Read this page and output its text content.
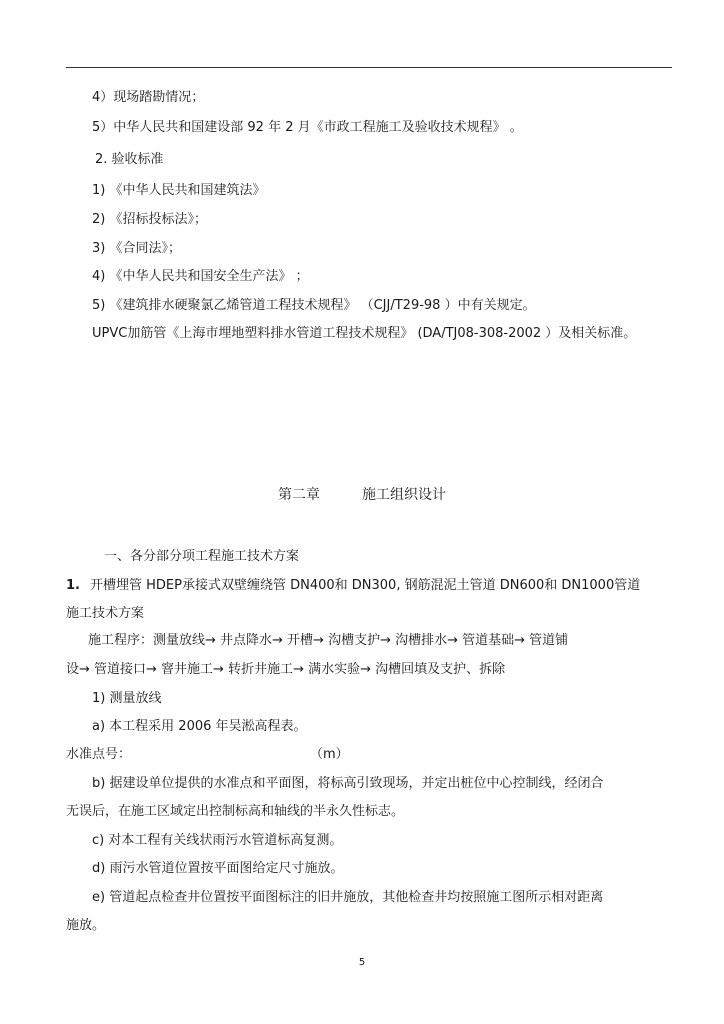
4）现场踏勘情况；
5）中华人民共和国建设部 92 年 2 月《市政工程施工及验收技术规程》 。
2. 验收标准
1) 《中华人民共和国建筑法》
2) 《招标投标法》；
3) 《合同法》；
4) 《中华人民共和国安全生产法》 ；
5) 《建筑排水硬聚氯乙烯管道工程技术规程》 （CJJ/T29-98 ）中有关规定。
UPVC加筋管《上海市埋地塑料排水管道工程技术规程》 (DA/TJ08-308-2002 ）及相关标准。
第二章	施工组织设计
一、各分部分项工程施工技术方案
1. 开槽埋管 HDEP承接式双壁缠绕管 DN400和 DN300, 钢筋混泥土管道 DN600和 DN1000管道
施工技术方案
施工程序：测量放线→ 井点降水→ 开槽→ 沟槽支护→ 沟槽排水→ 管道基础→ 管道铺
设→ 管道接口→ 窨井施工→ 转折井施工→ 满水实验→ 沟槽回填及支护、拆除
1) 测量放线
a) 本工程采用 2006 年吴淞高程表。
水准点号：	（m）
b) 据建设单位提供的水准点和平面图，将标高引致现场，并定出桩位中心控制线，经闭合
无误后，在施工区域定出控制标高和轴线的半永久性标志。
c) 对本工程有关线状雨污水管道标高复测。
d) 雨污水管道位置按平面图给定尺寸施放。
e) 管道起点检查井位置按平面图标注的旧井施放，其他检查井均按照施工图所示相对距离
施放。
5
